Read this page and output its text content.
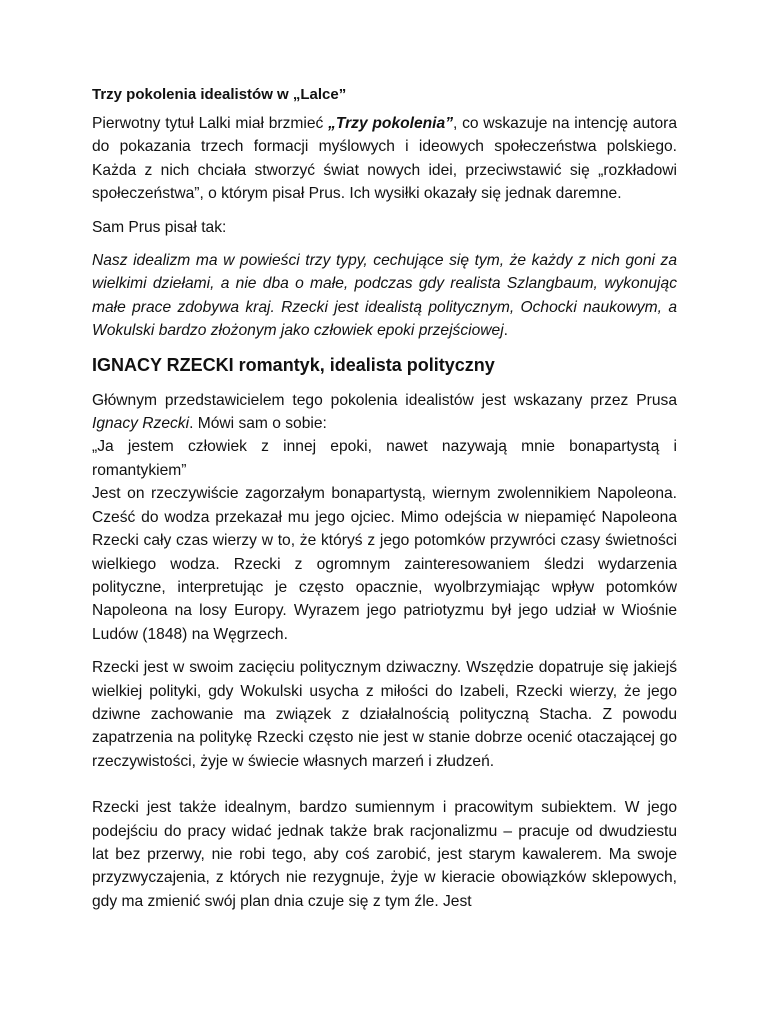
Trzy pokolenia idealistów w „Lalce”

Pierwotny tytuł Lalki miał brzmieć „Trzy pokolenia”, co wskazuje na intencję autora do pokazania trzech formacji myślowych i ideowych społeczeństwa polskiego. Każda z nich chciała stworzyć świat nowych idei, przeciwstawić się „rozkładowi społeczeństwa”, o którym pisał Prus. Ich wysiłki okazały się jednak daremne.

Sam Prus pisał tak:

Nasz idealizm ma w powieści trzy typy, cechujące się tym, że każdy z nich goni za wielkimi dziełami, a nie dba o małe, podczas gdy realista Szlangbaum, wykonując małe prace zdobywa kraj. Rzecki jest idealistą politycznym, Ochocki naukowym, a Wokulski bardzo złożonym jako człowiek epoki przejściowej.

IGNACY RZECKI romantyk, idealista polityczny

Głównym przedstawicielem tego pokolenia idealistów jest wskazany przez Prusa Ignacy Rzecki. Mówi sam o sobie:
„Ja jestem człowiek z innej epoki, nawet nazywają mnie bonapartystą i romantykiem”

Jest on rzeczywiście zagorzałym bonapartystą, wiernym zwolennikiem Napoleona. Cześć do wodza przekazał mu jego ojciec. Mimo odejścia w niepamięć Napoleona Rzecki cały czas wierzy w to, że któryś z jego potomków przywróci czasy świetności wielkiego wodza. Rzecki z ogromnym zainteresowaniem śledzi wydarzenia polityczne, interpretując je często opacznie, wyolbrzymiając wpływ potomków Napoleona na losy Europy. Wyrazem jego patriotyzmu był jego udział w Wiośnie Ludów (1848) na Węgrzech.

Rzecki jest w swoim zacięciu politycznym dziwaczny. Wszędzie dopatruje się jakiejś wielkiej polityki, gdy Wokulski usycha z miłości do Izabeli, Rzecki wierzy, że jego dziwne zachowanie ma związek z działalnością polityczną Stacha. Z powodu zapatrzenia na politykę Rzecki często nie jest w stanie dobrze ocenić otaczającej go rzeczywistości, żyje w świecie własnych marzeń i złudzeń.

Rzecki jest także idealnym, bardzo sumiennym i pracowitym subiektem. W jego podejściu do pracy widać jednak także brak racjonalizmu – pracuje od dwudziestu lat bez przerwy, nie robi tego, aby coś zarobić, jest starym kawalerem. Ma swoje przyzwyczajenia, z których nie rezygnuje, żyje w kieracie obowiązków sklepowych, gdy ma zmienić swój plan dnia czuje się z tym źle. Jest
